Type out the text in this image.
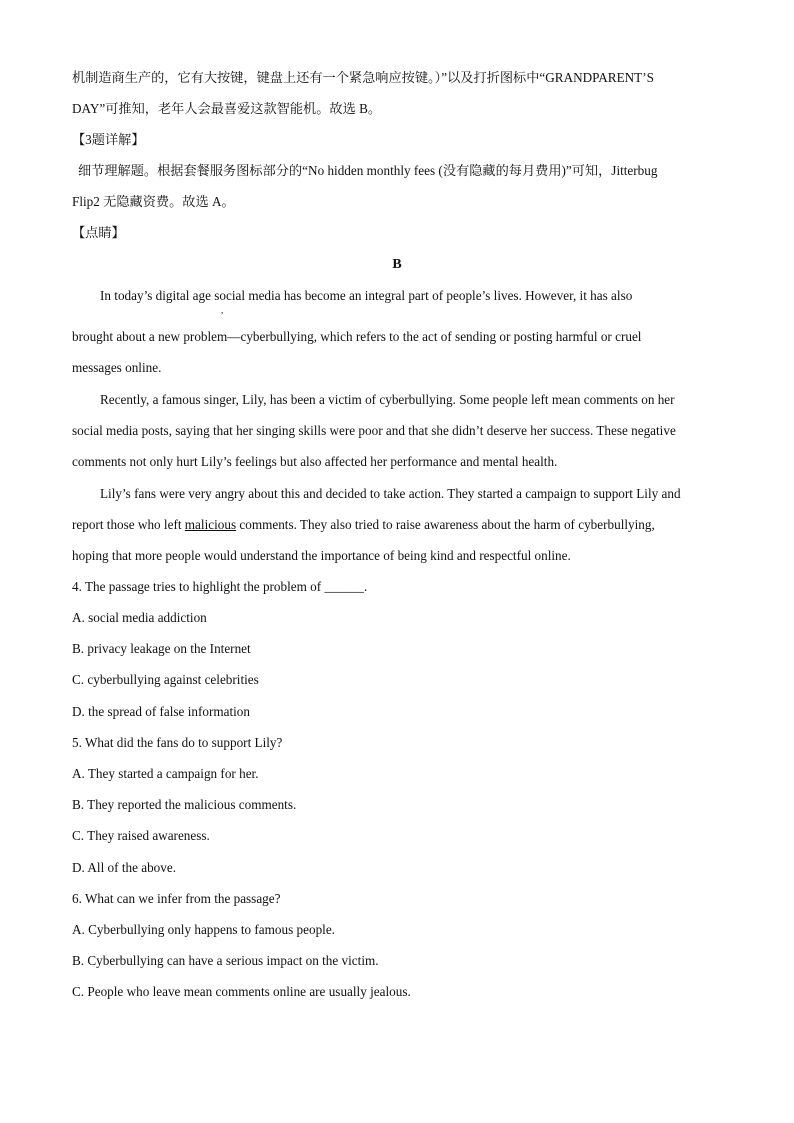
机制造商生产的，它有大按键，键盘上还有一个紧急响应按键。）”以及打折图标中“GRANDPARENT’S
DAY”可推知，老年人会最喜爱这款智能机。故选 B。
【3题详解】
细节理解题。根据套餐服务图标部分的“No hidden monthly fees (没有隐藏的每月费用)”可知，Jitterbug
Flip2 无隐藏资费。故选 A。
【点睛】
B
In today’s digital age social media has become an integral part of people’s lives. However, it has also
,
brought about a new problem—cyberbullying, which refers to the act of sending or posting harmful or cruel
messages online.
Recently, a famous singer, Lily, has been a victim of cyberbullying. Some people left mean comments on her
social media posts, saying that her singing skills were poor and that she didn’t deserve her success. These negative
comments not only hurt Lily’s feelings but also affected her performance and mental health.
Lily’s fans were very angry about this and decided to take action. They started a campaign to support Lily and
report those who left malicious comments. They also tried to raise awareness about the harm of cyberbullying,
hoping that more people would understand the importance of being kind and respectful online.
4. The passage tries to highlight the problem of ______.
A. social media addiction
B. privacy leakage on the Internet
C. cyberbullying against celebrities
D. the spread of false information
5. What did the fans do to support Lily?
A. They started a campaign for her.
B. They reported the malicious comments.
C. They raised awareness.
D. All of the above.
6. What can we infer from the passage?
A. Cyberbullying only happens to famous people.
B. Cyberbullying can have a serious impact on the victim.
C. People who leave mean comments online are usually jealous.
